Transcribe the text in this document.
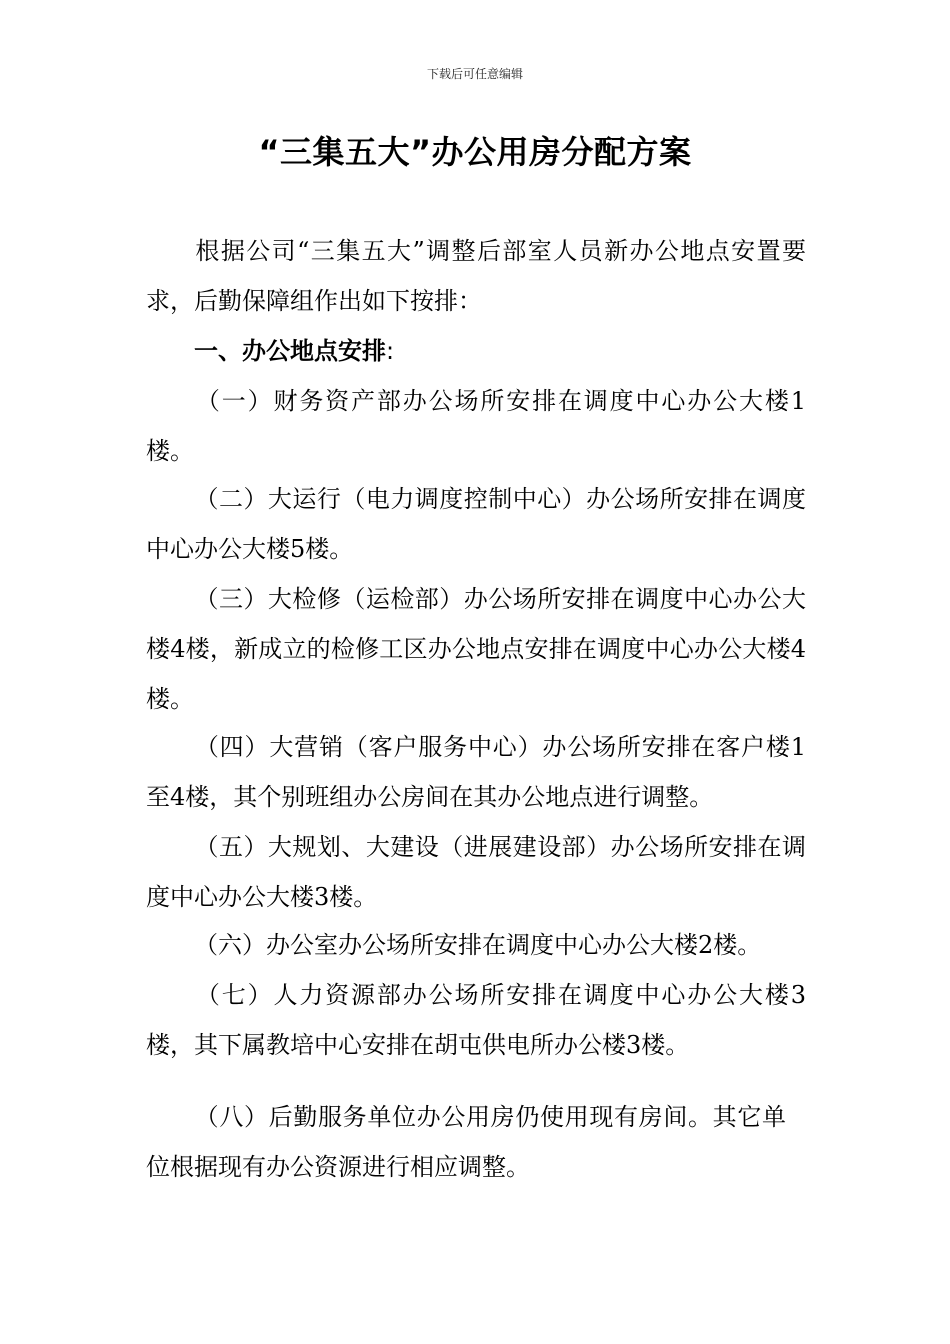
下载后可任意编辑
“三集五大”办公用房分配方案

根据公司“三集五大”调整后部室人员新办公地点安置要求，后勤保障组作出如下按排：

一、办公地点安排:

（一）财务资产部办公场所安排在调度中心办公大楼1楼。

（二）大运行（电力调度控制中心）办公场所安排在调度中心办公大楼5楼。

（三）大检修（运检部）办公场所安排在调度中心办公大楼4楼，新成立的检修工区办公地点安排在调度中心办公大楼4楼。

（四）大营销（客户服务中心）办公场所安排在客户楼1至4楼，其个别班组办公房间在其办公地点进行调整。

（五）大规划、大建设（进展建设部）办公场所安排在调度中心办公大楼3楼。

（六）办公室办公场所安排在调度中心办公大楼2楼。

（七）人力资源部办公场所安排在调度中心办公大楼3楼，其下属教培中心安排在胡屯供电所办公楼3楼。

（八）后勤服务单位办公用房仍使用现有房间。其它单位根据现有办公资源进行相应调整。
